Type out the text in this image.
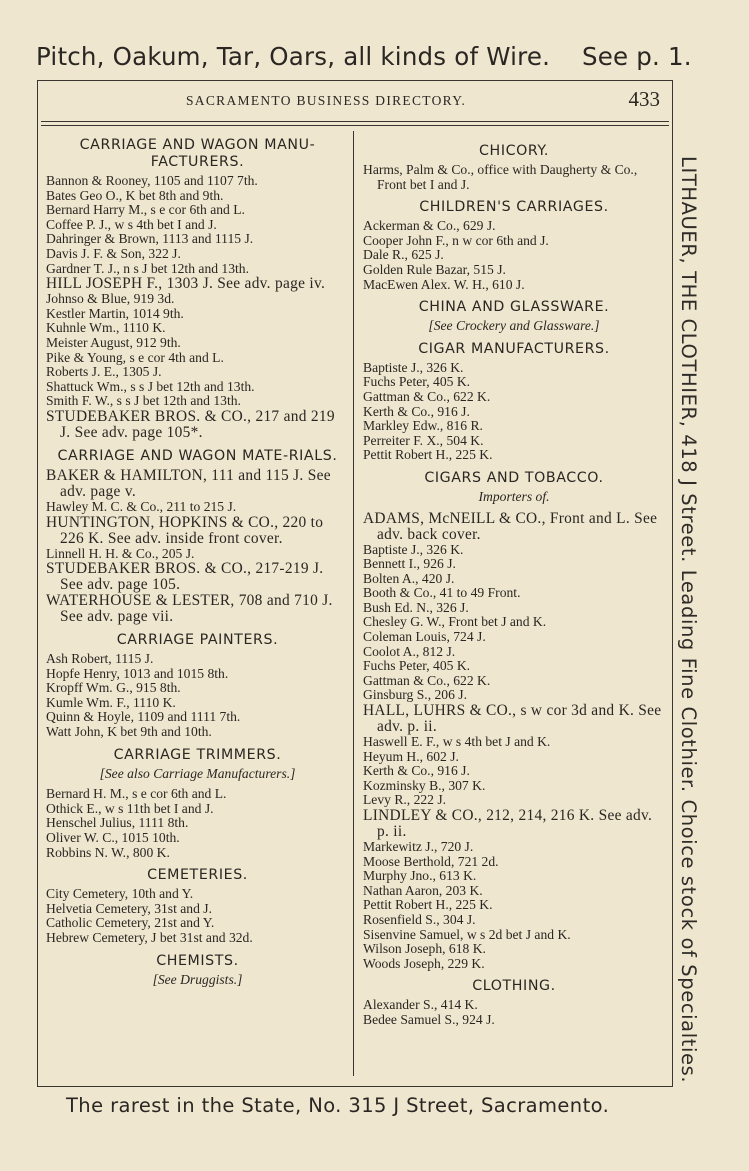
Pitch, Oakum, Tar, Oars, all kinds of Wire. See p. 1.
SACRAMENTO BUSINESS DIRECTORY.	433
CARRIAGE AND WAGON MANU-FACTURERS.

Bannon & Rooney, 1105 and 1107 7th.

Bates Geo O., K bet 8th and 9th.

Bernard Harry M., s e cor 6th and L.

Coffee P. J., w s 4th bet I and J.

Dahringer & Brown, 1113 and 1115 J.

Davis J. F. & Son, 322 J.

Gardner T. J., n s J bet 12th and 13th.

HILL JOSEPH F., 1303 J. See adv. page iv.

Johnso & Blue, 919 3d.

Kestler Martin, 1014 9th.

Kuhnle Wm., 1110 K.

Meister August, 912 9th.

Pike & Young, s e cor 4th and L.

Roberts J. E., 1305 J.

Shattuck Wm., s s J bet 12th and 13th.

Smith F. W., s s J bet 12th and 13th.

STUDEBAKER BROS. & CO., 217 and 219 J. See adv. page 105*.

CARRIAGE AND WAGON MATE-RIALS.

BAKER & HAMILTON, 111 and 115 J. See adv. page v.

Hawley M. C. & Co., 211 to 215 J.

HUNTINGTON, HOPKINS & CO., 220 to 226 K. See adv. inside front cover.

Linnell H. H. & Co., 205 J.

STUDEBAKER BROS. & CO., 217-219 J. See adv. page 105.

WATERHOUSE & LESTER, 708 and 710 J. See adv. page vii.

CARRIAGE PAINTERS.

Ash Robert, 1115 J.

Hopfe Henry, 1013 and 1015 8th.

Kropff Wm. G., 915 8th.

Kumle Wm. F., 1110 K.

Quinn & Hoyle, 1109 and 1111 7th.

Watt John, K bet 9th and 10th.

CARRIAGE TRIMMERS.
[See also Carriage Manufacturers.]

Bernard H. M., s e cor 6th and L.

Othick E., w s 11th bet I and J.

Henschel Julius, 1111 8th.

Oliver W. C., 1015 10th.

Robbins N. W., 800 K.

CEMETERIES.

City Cemetery, 10th and Y.

Helvetia Cemetery, 31st and J.

Catholic Cemetery, 21st and Y.

Hebrew Cemetery, J bet 31st and 32d.

CHEMISTS.
[See Druggists.]
CHICORY.

Harms, Palm & Co., office with Daugherty & Co., Front bet I and J.

CHILDREN'S CARRIAGES.

Ackerman & Co., 629 J.

Cooper John F., n w cor 6th and J.

Dale R., 625 J.

Golden Rule Bazar, 515 J.

MacEwen Alex. W. H., 610 J.

CHINA AND GLASSWARE.
[See Crockery and Glassware.]
CIGAR MANUFACTURERS.

Baptiste J., 326 K.

Fuchs Peter, 405 K.

Gattman & Co., 622 K.

Kerth & Co., 916 J.

Markley Edw., 816 R.

Perreiter F. X., 504 K.

Pettit Robert H., 225 K.

CIGARS AND TOBACCO.
Importers of.

ADAMS, McNEILL & CO., Front and L. See adv. back cover.

Baptiste J., 326 K.

Bennett I., 926 J.

Bolten A., 420 J.

Booth & Co., 41 to 49 Front.

Bush Ed. N., 326 J.

Chesley G. W., Front bet J and K.

Coleman Louis, 724 J.

Coolot A., 812 J.

Fuchs Peter, 405 K.

Gattman & Co., 622 K.

Ginsburg S., 206 J.

HALL, LUHRS & CO., s w cor 3d and K. See adv. p. ii.

Haswell E. F., w s 4th bet J and K.

Heyum H., 602 J.

Kerth & Co., 916 J.

Kozminsky B., 307 K.

Levy R., 222 J.

LINDLEY & CO., 212, 214, 216 K. See adv. p. ii.

Markewitz J., 720 J.

Moose Berthold, 721 2d.

Murphy Jno., 613 K.

Nathan Aaron, 203 K.

Pettit Robert H., 225 K.

Rosenfield S., 304 J.

Sisenvine Samuel, w s 2d bet J and K.

Wilson Joseph, 618 K.

Woods Joseph, 229 K.

CLOTHING.

Alexander S., 414 K.

Bedee Samuel S., 924 J.	LITHAUER, THE CLOTHIER, 418 J Street. Leading Fine Clothier. Choice stock of Specialties.
The rarest in the State, No. 315 J Street, Sacramento.
